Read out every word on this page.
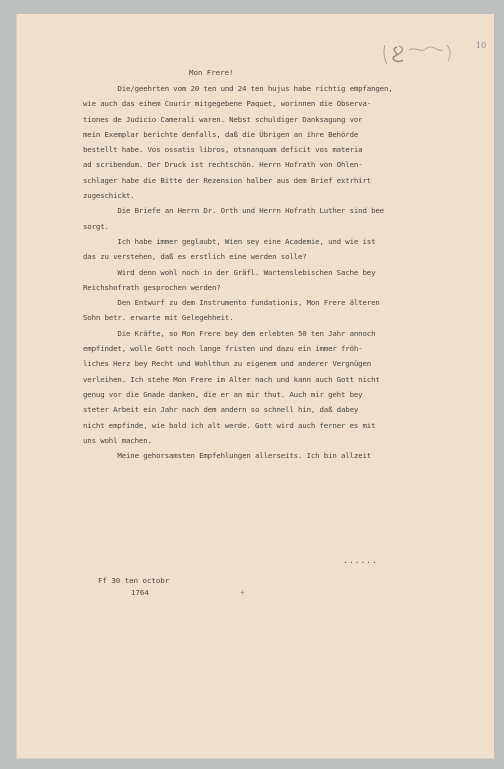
10
Mon Frere!
Die/geehrten vom 20 ten und 24 ten hujus habe richtig empfangen,
wie auch das eihem Courir mitgegebene Paquet, worinnen die Observa-
tiones de Judicio Camerali waren. Nebst schuldiger Danksagung vor
mein Exemplar berichte denfalls, daß die Übrigen an ihre Behörde
bestellt habe. Vos ossatis libros, otsnanquam deficit vos materia
ad scribendum. Der Druck ist rechtschön. Herrn Hofrath von Ohlen-
schlager habe die Bitte der Rezension halber aus dem Brief extrhirt
zugeschickt.
Die Briefe an Herrn Dr. Orth und Herrn Hofrath Luther sind bee
sorgt.
Ich habe immer geglaubt, Wien sey eine Academie, und wie ist
das zu verstehen, daß es erstlich eine werden solle?
Wird denn wohl noch in der Gräfl. Wartenslebischen Sache bey
Reichshofrath gesprochen werden?
Den Entwurf zu dem Instrumento fundationis, Mon Frere älteren
Sohn betr. erwarte mit Gelegehheit.
Die Kräfte, so Mon Frere bey dem erlebten 50 ten Jahr annoch
empfindet, wolle Gott noch lange fristen und dazu ein immer fröh-
liches Herz bey Recht und Wohlthun zu eigenem und anderer Vergnügen
verleihen. Ich stehe Mon Frere im Alter nach und kann auch Gott nicht
genug vor die Gnade danken, die er an mir thut. Auch mir geht bey
steter Arbeit ein Jahr nach dem andern so schnell hin, daß dabey
nicht empfinde, wie bald ich alt werde. Gott wird auch ferner es mit
uns wohl machen.
Meine gehorsamsten Empfehlungen allerseits. Ich bin allzeit
......
Ff 30 ten octobr
1764	+
